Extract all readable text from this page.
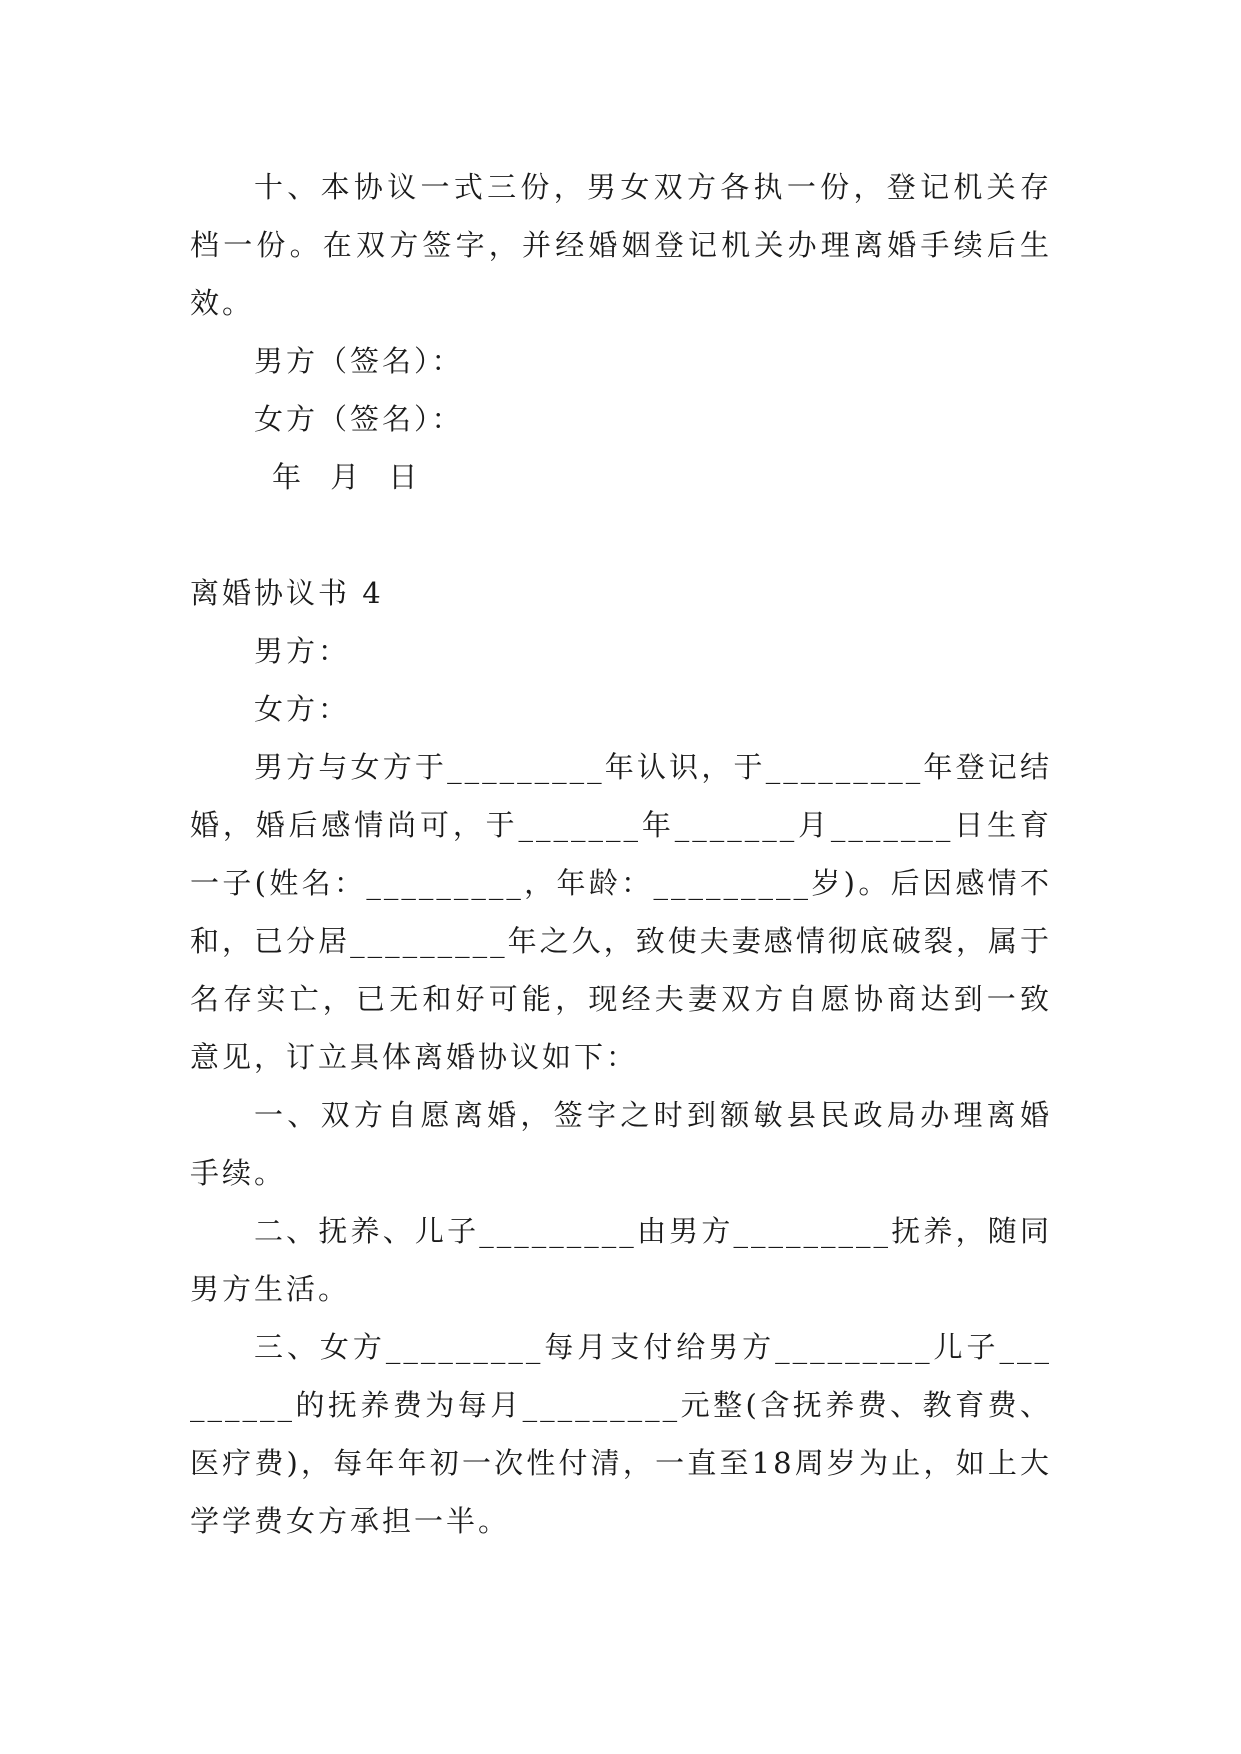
十、本协议一式三份，男女双方各执一份，登记机关存档一份。在双方签字，并经婚姻登记机关办理离婚手续后生效。

男方（签名）：

女方（签名）：

年 月 日

离婚协议书 4

男方：

女方：

男方与女方于_________年认识，于_________年登记结婚，婚后感情尚可，于_______年_______月_______日生育一子(姓名：_________，年龄：_________岁)。后因感情不和，已分居_________年之久，致使夫妻感情彻底破裂，属于名存实亡，已无和好可能，现经夫妻双方自愿协商达到一致意见，订立具体离婚协议如下：

一、双方自愿离婚，签字之时到额敏县民政局办理离婚手续。

二、抚养、儿子_________由男方_________抚养，随同男方生活。

三、女方_________每月支付给男方_________儿子_________的抚养费为每月_________元整(含抚养费、教育费、医疗费)，每年年初一次性付清，一直至18周岁为止，如上大学学费女方承担一半。
